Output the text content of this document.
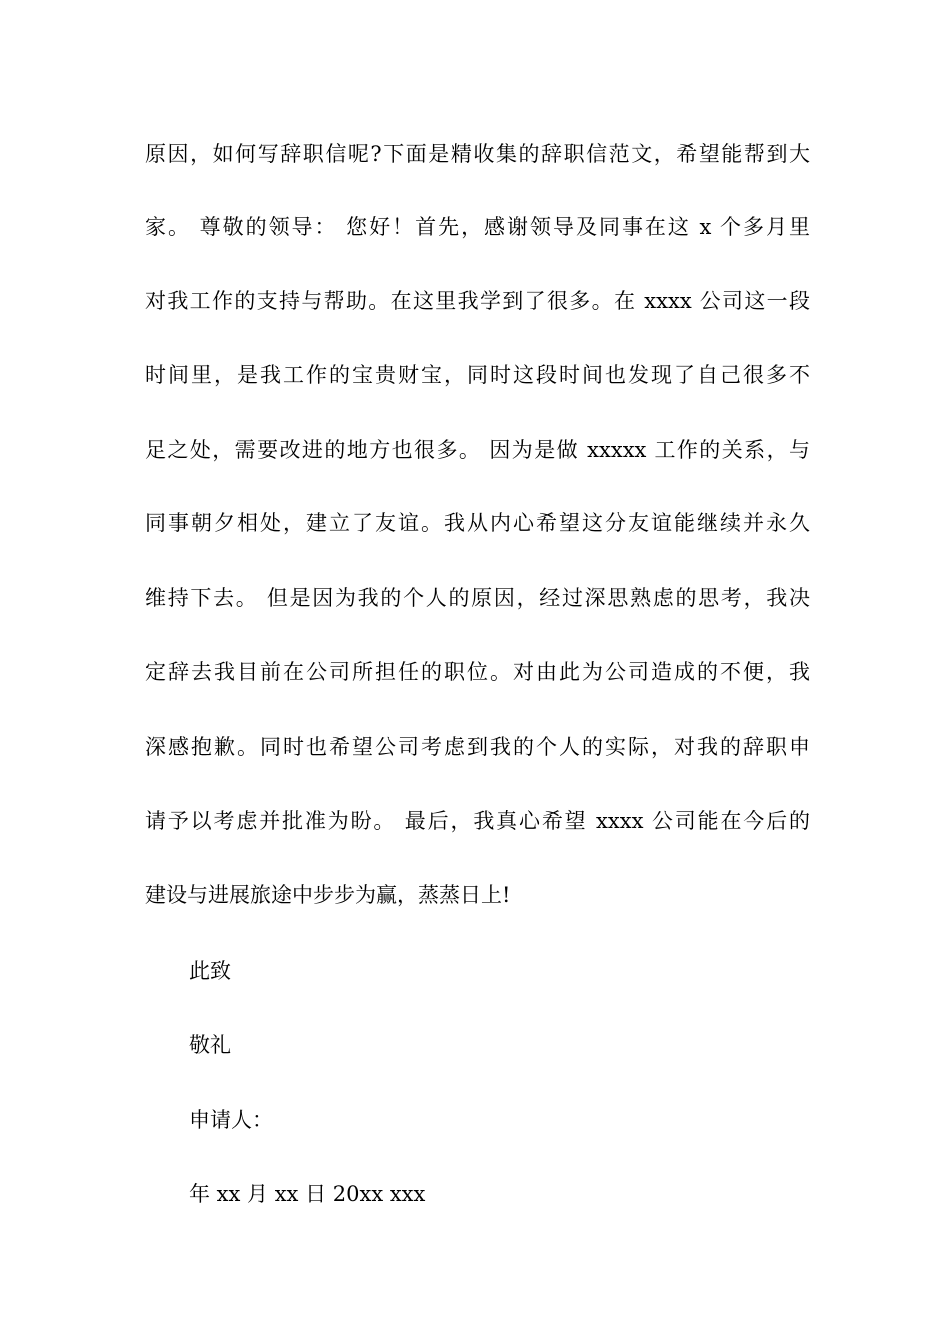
原因，如何写辞职信呢?下面是精收集的辞职信范文，希望能帮到大
家。 尊敬的领导： 您好！首先，感谢领导及同事在这 x 个多月里
对我工作的支持与帮助。在这里我学到了很多。在 xxxx 公司这一段
时间里，是我工作的宝贵财宝，同时这段时间也发现了自己很多不
足之处，需要改进的地方也很多。 因为是做 xxxxx 工作的关系，与
同事朝夕相处，建立了友谊。我从内心希望这分友谊能继续并永久
维持下去。 但是因为我的个人的原因，经过深思熟虑的思考，我决
定辞去我目前在公司所担任的职位。对由此为公司造成的不便，我
深感抱歉。同时也希望公司考虑到我的个人的实际，对我的辞职申
请予以考虑并批准为盼。 最后，我真心希望 xxxx 公司能在今后的
建设与进展旅途中步步为赢，蒸蒸日上!
此致
敬礼
申请人：
年 xx 月 xx 日 20xx xxx
